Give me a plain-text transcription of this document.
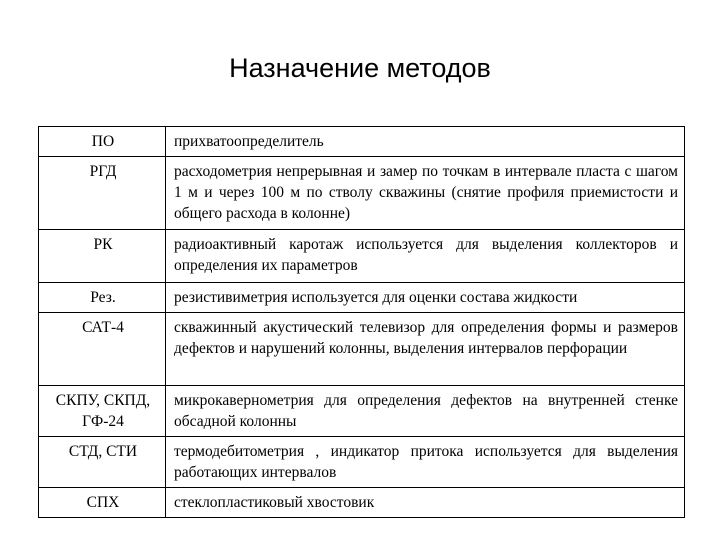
Назначение методов
ПО	прихватоопределитель
РГД	расходометрия непрерывная и замер по точкам в интервале пласта с шагом 1 м и через 100 м по стволу скважины (снятие профиля приемистости и общего расхода в колонне)
РК	радиоактивный каротаж используется для выделения коллекторов и определения их параметров
Рез.	резистивиметрия используется для оценки состава жидкости
САТ-4	скважинный акустический телевизор для определения формы и размеров дефектов и нарушений колонны, выделения интервалов перфорации
СКПУ, СКПД, ГФ-24	микрокавернометрия для определения дефектов на внутренней стенке обсадной колонны
СТД, СТИ	термодебитометрия , индикатор притока используется для выделения работающих интервалов
СПХ	стеклопластиковый хвостовик
